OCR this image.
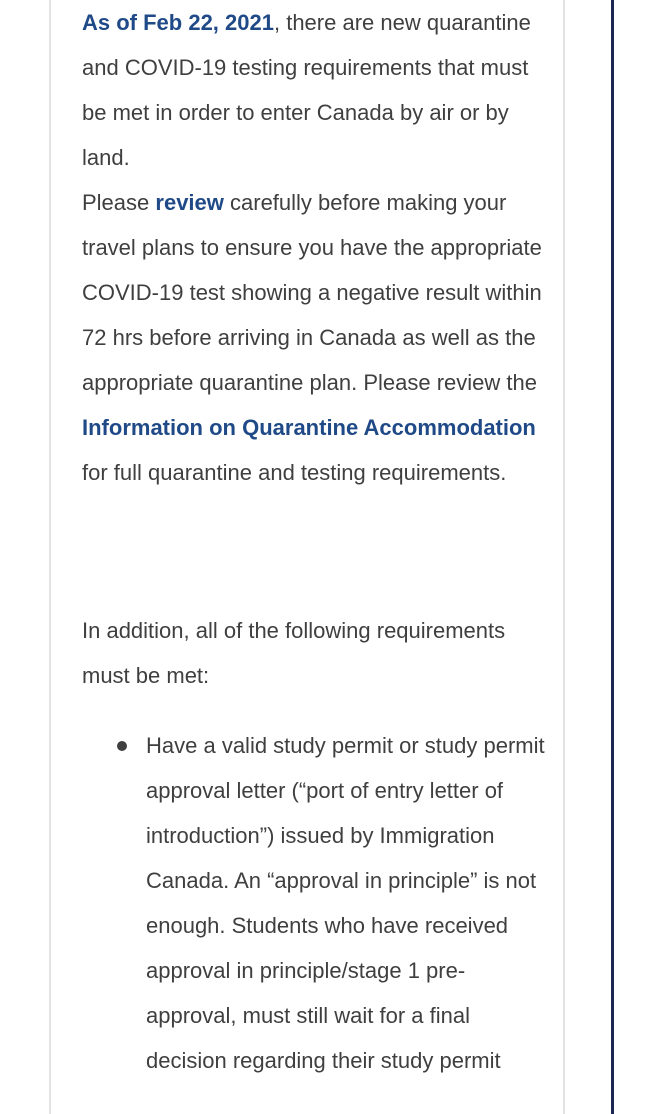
As of Feb 22, 2021, there are new quarantine and COVID-19 testing requirements that must be met in order to enter Canada by air or by land.
Please review carefully before making your travel plans to ensure you have the appropriate COVID-19 test showing a negative result within 72 hrs before arriving in Canada as well as the appropriate quarantine plan. Please review the Information on Quarantine Accommodation for full quarantine and testing requirements.

In addition, all of the following requirements must be met:

Have a valid study permit or study permit approval letter (“port of entry letter of introduction”) issued by Immigration Canada. An “approval in principle” is not enough. Students who have received approval in principle/stage 1 pre-approval, must still wait for a final decision regarding their study permit
